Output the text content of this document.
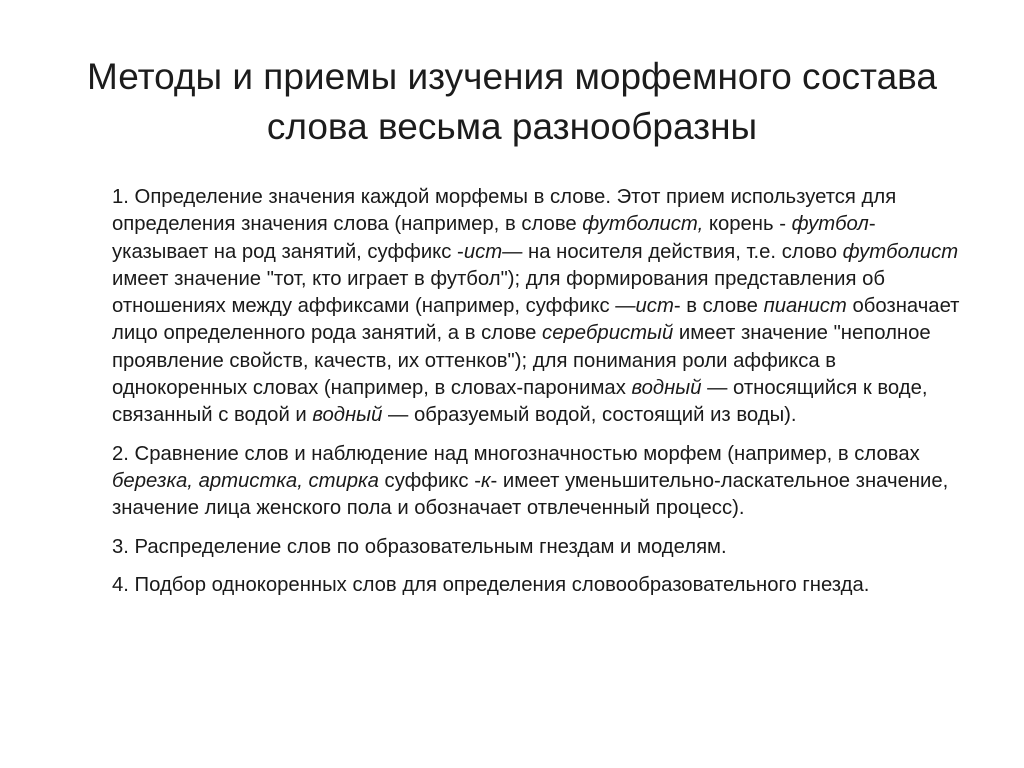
Методы и приемы изучения морфемного состава слова весьма разнообразны

1. Определение значения каждой морфемы в слове. Этот прием используется для определения значения слова (например, в слове футболист, корень - футбол- указывает на род занятий, суффикс -ист— на носителя действия, т.е. слово футболист имеет значение "тот, кто играет в футбол"); для формирования представления об отношениях между аффиксами (например, суффикс —ист- в слове пианист обозначает лицо определенного рода занятий, а в слове серебристый имеет значение "неполное проявление свойств, качеств, их оттенков"); для понимания роли аффикса в однокоренных словах (например, в словах-паронимах водный — относящийся к воде, связанный с водой и водный — образуемый водой, состоящий из воды).

2. Сравнение слов и наблюдение над многозначностью морфем (например, в словах березка, артистка, стирка суффикс -к- имеет уменьшительно-ласкательное значение, значение лица женского пола и обозначает отвлеченный процесс).

3. Распределение слов по образовательным гнездам и моделям.

4. Подбор однокоренных слов для определения словообразовательного гнезда.
